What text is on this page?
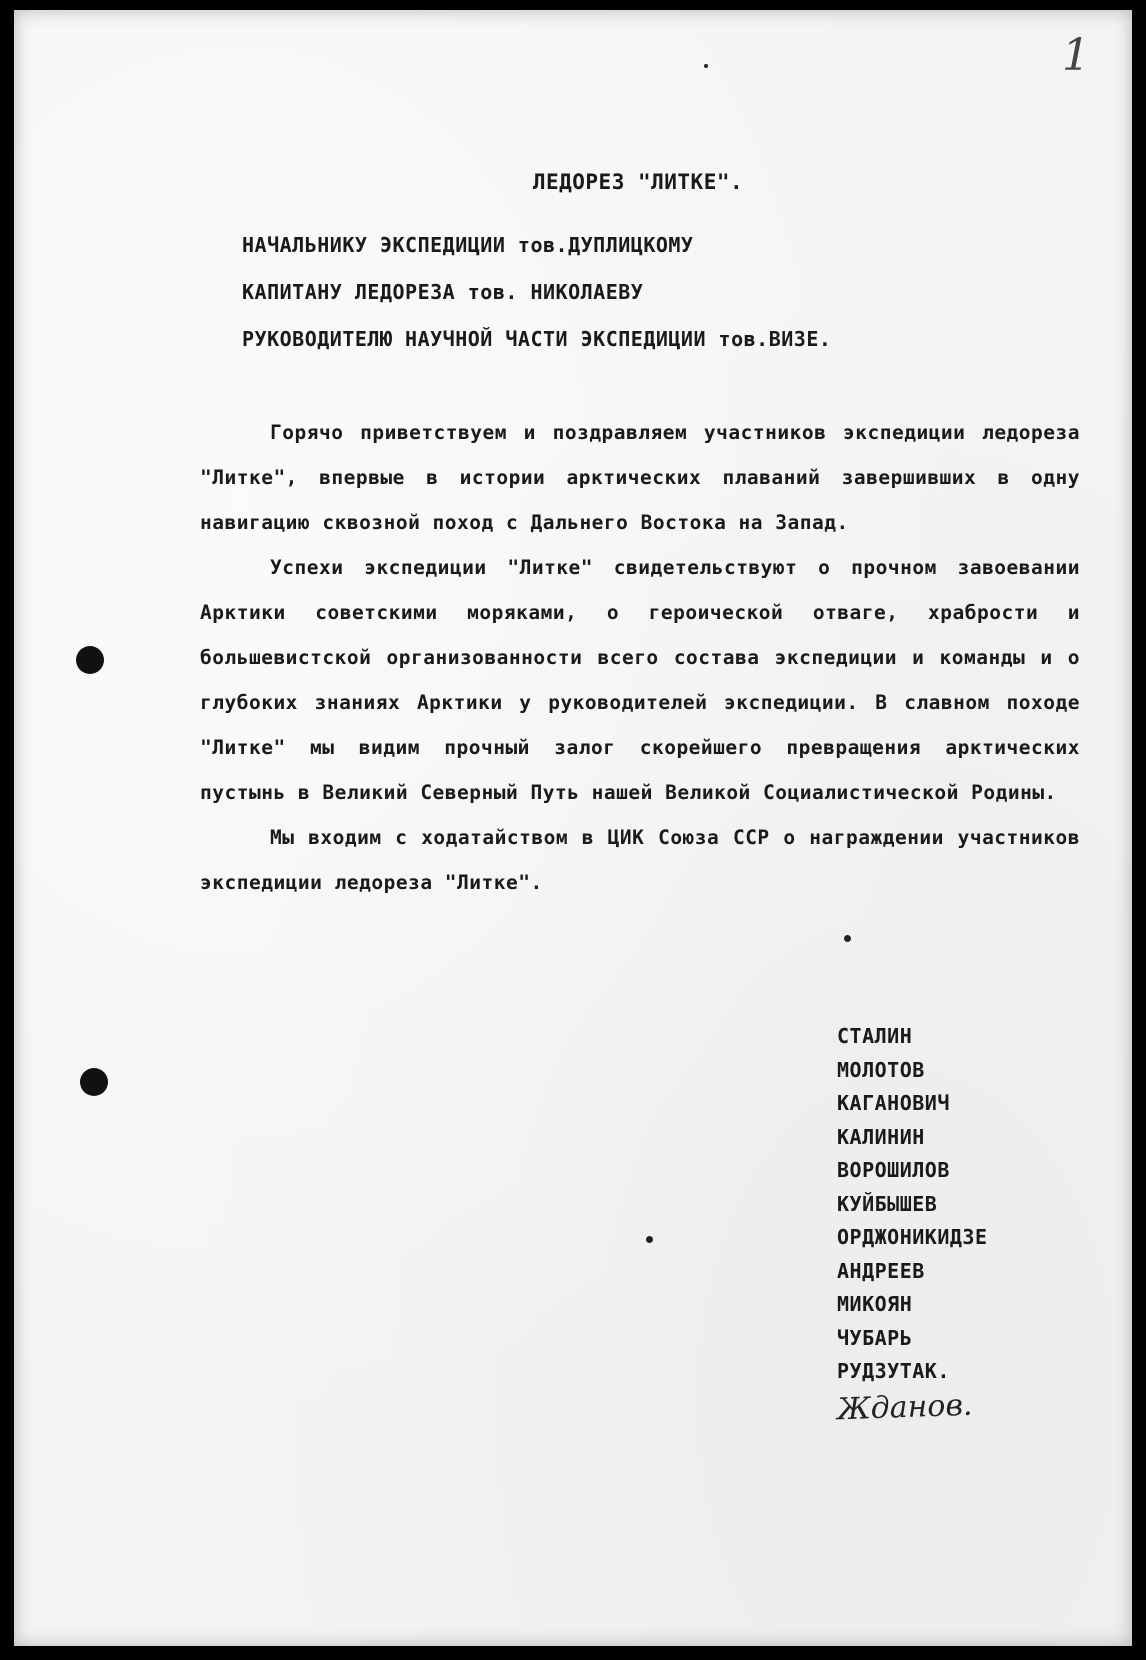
1
ЛЕДОРЕЗ "ЛИТКЕ".
НАЧАЛЬНИКУ ЭКСПЕДИЦИИ тов.ДУПЛИЦКОМУ
КАПИТАНУ ЛЕДОРЕЗА тов. НИКОЛАЕВУ
РУКОВОДИТЕЛЮ НАУЧНОЙ ЧАСТИ ЭКСПЕДИЦИИ тов.ВИЗЕ.

Горячо приветствуем и поздравляем участников экспедиции ледореза "Литке", впервые в истории арктических плаваний завершивших в одну навигацию сквозной поход с Дальнего Востока на Запад.

Успехи экспедиции "Литке" свидетельствуют о прочном завоевании Арктики советскими моряками, о героической отваге, храбрости и большевистской организованности всего состава экспедиции и команды и о глубоких знаниях Арктики у руководителей экспедиции. В славном походе "Литке" мы видим прочный залог скорейшего превращения арктических пустынь в Великий Северный Путь нашей Великой Социалистической Родины.

Мы входим с ходатайством в ЦИК Союза ССР о награждении участников экспедиции ледореза "Литке".

СТАЛИН
МОЛОТОВ
КАГАНОВИЧ
КАЛИНИН
ВОРОШИЛОВ
КУЙБЫШЕВ
ОРДЖОНИКИДЗЕ
АНДРЕЕВ
МИКОЯН
ЧУБАРЬ
РУДЗУТАК.
Жданов.
